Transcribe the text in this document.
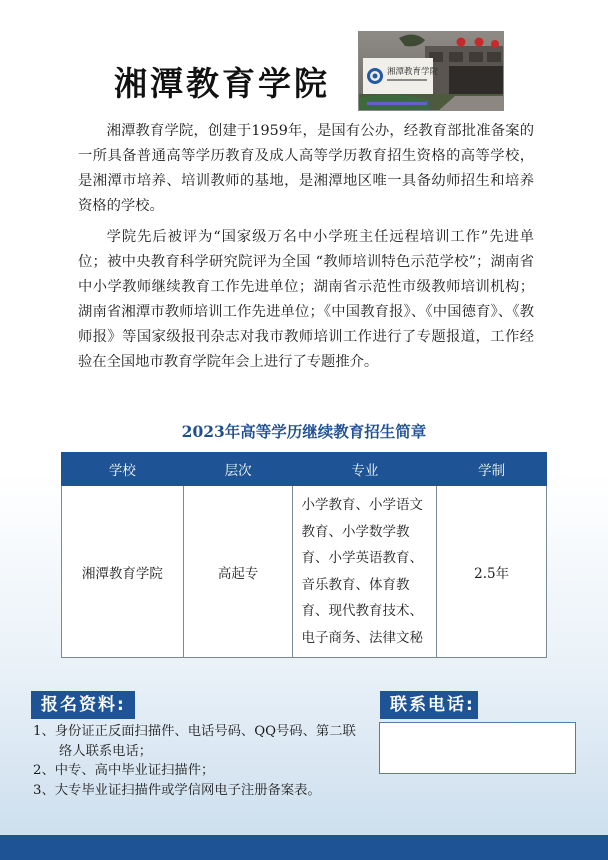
湘潭教育学院	湘潭教育学院

湘潭教育学院，创建于1959年，是国有公办，经教育部批准备案的一所具备普通高等学历教育及成人高等学历教育招生资格的高等学校，是湘潭市培养、培训教师的基地，是湘潭地区唯一具备幼师招生和培养资格的学校。

学院先后被评为“国家级万名中小学班主任远程培训工作”先进单位；被中央教育科学研究院评为全国 “教师培训特色示范学校”；湖南省中小学教师继续教育工作先进单位；湖南省示范性市级教师培训机构；湖南省湘潭市教师培训工作先进单位；《中国教育报》、《中国德育》、《教师报》等国家级报刊杂志对我市教师培训工作进行了专题报道，工作经验在全国地市教育学院年会上进行了专题推介。

2023年高等学历继续教育招生简章
学校	层次	专业	学制
湘潭教育学院	高起专	小学教育、小学语文教育、小学数学教育、小学英语教育、音乐教育、体育教育、现代教育技术、电子商务、法律文秘	2.5年
报名资料:
1、身份证正反面扫描件、电话号码、QQ号码、第二联络人联系电话；
2、中专、高中毕业证扫描件；
3、大专毕业证扫描件或学信网电子注册备案表。
联系电话:
